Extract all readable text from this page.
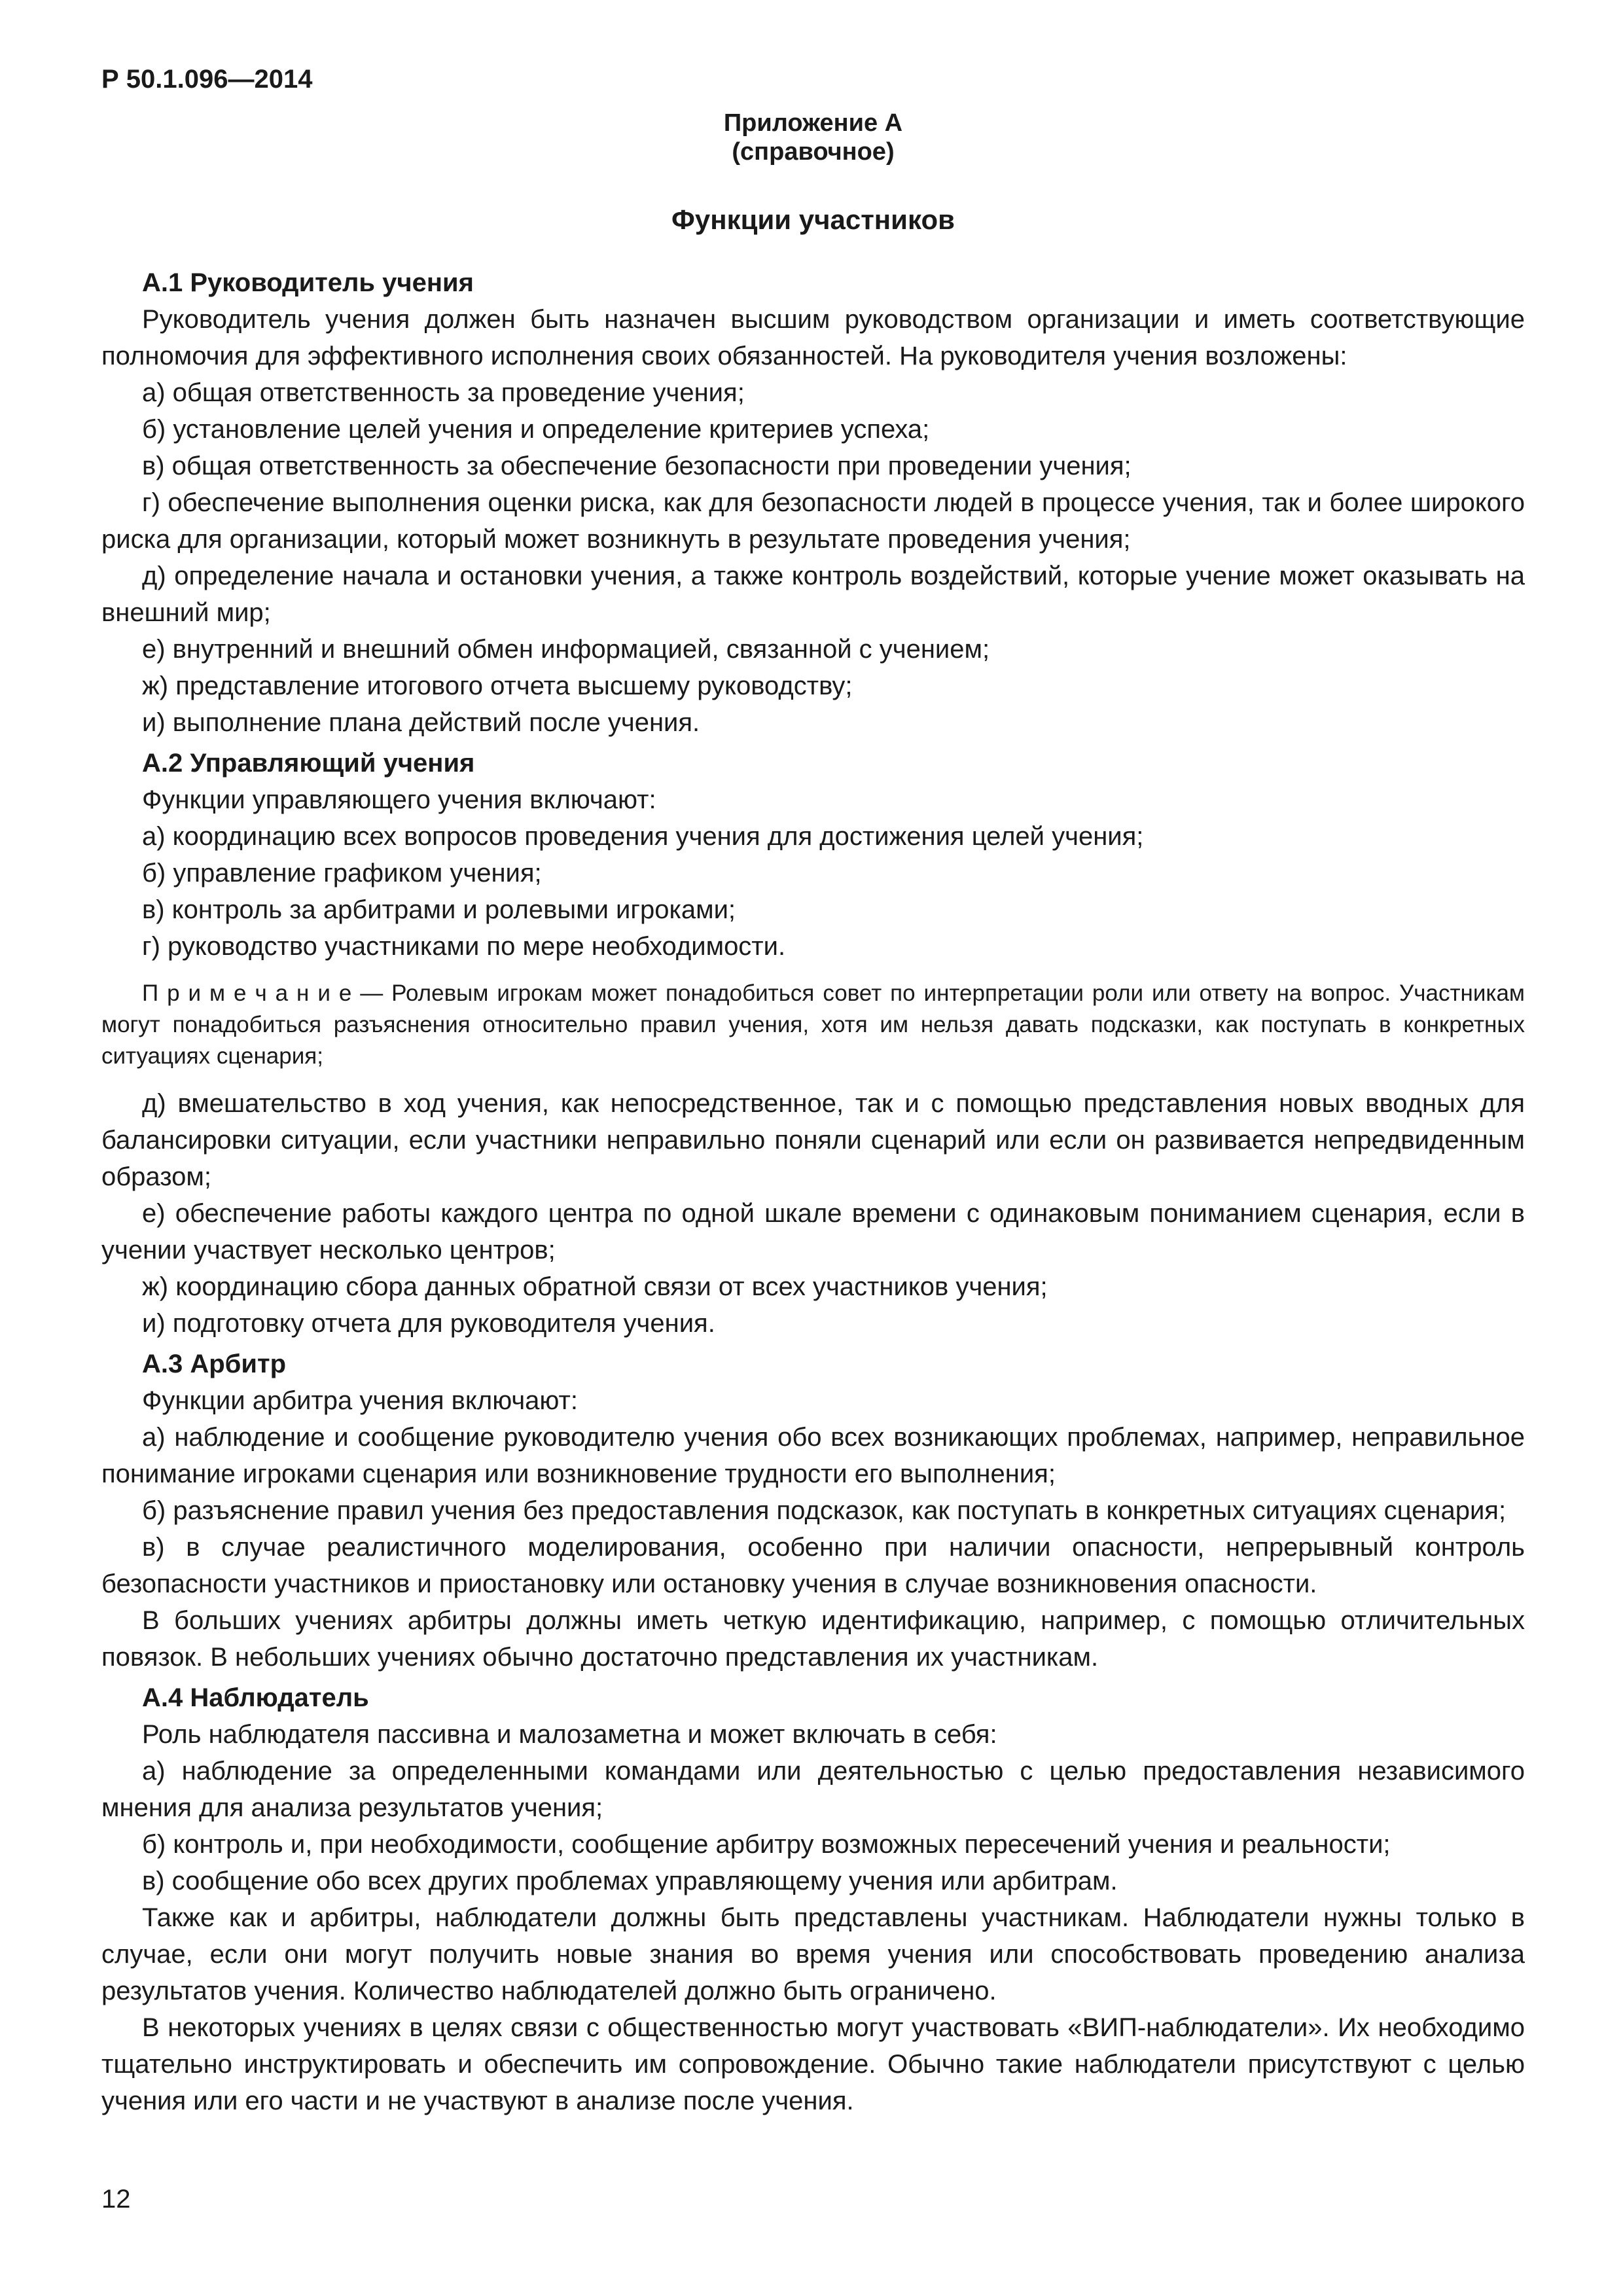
Р 50.1.096—2014
Приложение А
(справочное)
Функции участников

А.1 Руководитель учения

Руководитель учения должен быть назначен высшим руководством организации и иметь соответствующие полномочия для эффективного исполнения своих обязанностей. На руководителя учения возложены:

а) общая ответственность за проведение учения;

б) установление целей учения и определение критериев успеха;

в) общая ответственность за обеспечение безопасности при проведении учения;

г) обеспечение выполнения оценки риска, как для безопасности людей в процессе учения, так и более широкого риска для организации, который может возникнуть в результате проведения учения;

д) определение начала и остановки учения, а также контроль воздействий, которые учение может оказывать на внешний мир;

е) внутренний и внешний обмен информацией, связанной с учением;

ж) представление итогового отчета высшему руководству;

и) выполнение плана действий после учения.

А.2 Управляющий учения

Функции управляющего учения включают:

а) координацию всех вопросов проведения учения для достижения целей учения;

б) управление графиком учения;

в) контроль за арбитрами и ролевыми игроками;

г) руководство участниками по мере необходимости.

П р и м е ч а н и е — Ролевым игрокам может понадобиться совет по интерпретации роли или ответу на вопрос. Участникам могут понадобиться разъяснения относительно правил учения, хотя им нельзя давать подсказки, как поступать в конкретных ситуациях сценария;

д) вмешательство в ход учения, как непосредственное, так и с помощью представления новых вводных для балансировки ситуации, если участники неправильно поняли сценарий или если он развивается непредвиденным образом;

е) обеспечение работы каждого центра по одной шкале времени с одинаковым пониманием сценария, если в учении участвует несколько центров;

ж) координацию сбора данных обратной связи от всех участников учения;

и) подготовку отчета для руководителя учения.

А.3 Арбитр

Функции арбитра учения включают:

а) наблюдение и сообщение руководителю учения обо всех возникающих проблемах, например, неправильное понимание игроками сценария или возникновение трудности его выполнения;

б) разъяснение правил учения без предоставления подсказок, как поступать в конкретных ситуациях сценария;

в) в случае реалистичного моделирования, особенно при наличии опасности, непрерывный контроль безопасности участников и приостановку или остановку учения в случае возникновения опасности.

В больших учениях арбитры должны иметь четкую идентификацию, например, с помощью отличительных повязок. В небольших учениях обычно достаточно представления их участникам.

А.4 Наблюдатель

Роль наблюдателя пассивна и малозаметна и может включать в себя:

а) наблюдение за определенными командами или деятельностью с целью предоставления независимого мнения для анализа результатов учения;

б) контроль и, при необходимости, сообщение арбитру возможных пересечений учения и реальности;

в) сообщение обо всех других проблемах управляющему учения или арбитрам.

Также как и арбитры, наблюдатели должны быть представлены участникам. Наблюдатели нужны только в случае, если они могут получить новые знания во время учения или способствовать проведению анализа результатов учения. Количество наблюдателей должно быть ограничено.

В некоторых учениях в целях связи с общественностью могут участвовать «ВИП-наблюдатели». Их необходимо тщательно инструктировать и обеспечить им сопровождение. Обычно такие наблюдатели присутствуют с целью учения или его части и не участвуют в анализе после учения.

12
